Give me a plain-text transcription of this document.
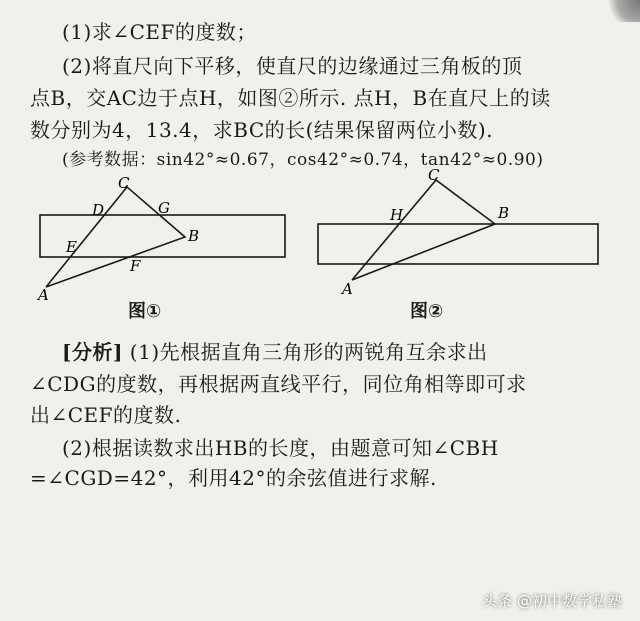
(1)求∠CEF的度数；
(2)将直尺向下平移，使直尺的边缘通过三角板的顶
点B，交AC边于点H，如图②所示. 点H，B在直尺上的读
数分别为4，13.4，求BC的长(结果保留两位小数).
(参考数据：sin42°≈0.67，cos42°≈0.74，tan42°≈0.90)
C
D	G
B
E
F
A
图①
C
H	B
A
图②
[分析] (1)先根据直角三角形的两锐角互余求出
∠CDG的度数，再根据两直线平行，同位角相等即可求
出∠CEF的度数.
(2)根据读数求出HB的长度，由题意可知∠CBH
=∠CGD=42°，利用42°的余弦值进行求解.
头条 @初中数学私塾
